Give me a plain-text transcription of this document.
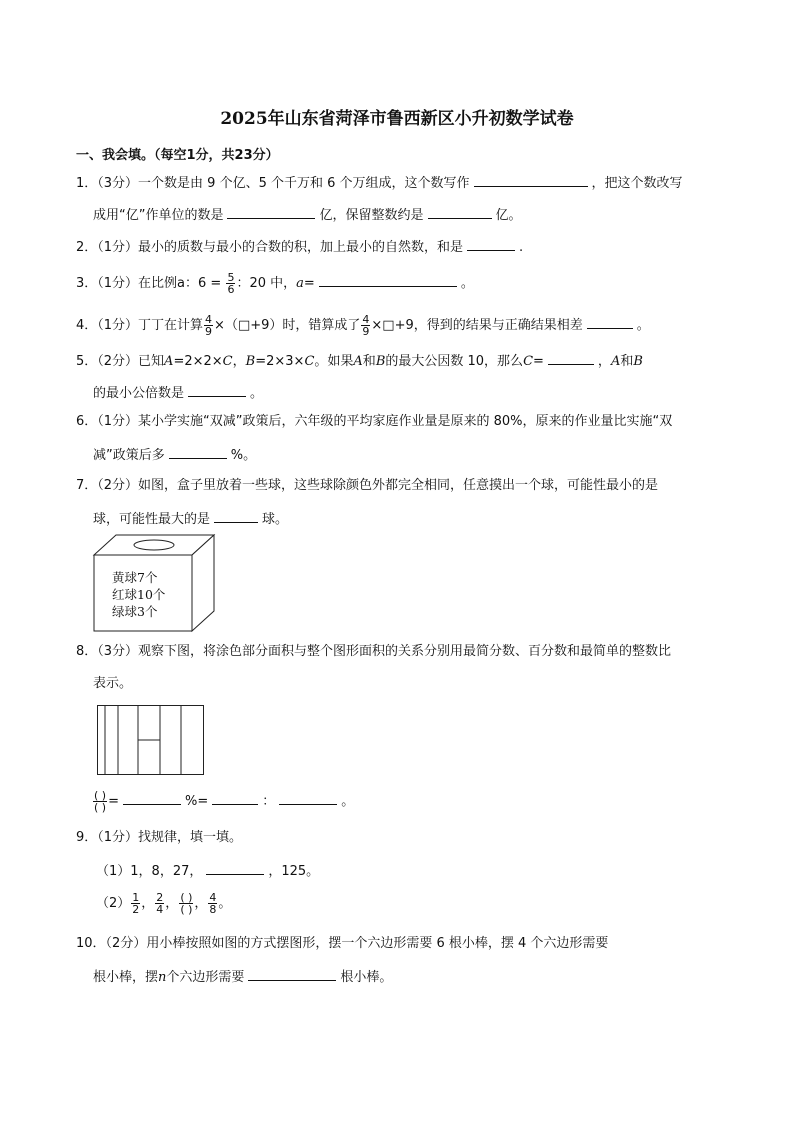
2025年山东省菏泽市鲁西新区小升初数学试卷
一、我会填。（每空1分，共23分）
1．（3分）一个数是由 9 个亿、5 个千万和 6 个万组成，这个数写作	，把这个数改写
成用“亿”作单位的数是	亿，保留整数约是	亿。
2．（1分）最小的质数与最小的合数的积，加上最小的自然数，和是	.
3．（1分）在比例a：$6 = \frac{5}{6}$ ：20 中，a=	。
4．（1分）丁丁在计算 $\frac{4}{9}$ ×（□+9）时，错算成了 $\frac{4}{9}$ ×□+9，得到的结果与正确结果相差	。
5．（2分）已知A=2×2×C，B=2×3×C。如果A和B的最大公因数 10，那么C=	，A和B
的最小公倍数是	。
6．（1分）某小学实施“双减”政策后，六年级的平均家庭作业量是原来的 80%，原来的作业量比实施“双
减”政策后多	%。
7．（2分）如图，盒子里放着一些球，这些球除颜色外都完全相同，任意摸出一个球，可能性最小的是
球，可能性最大的是	球。
黄球7个
红球10个
绿球3个
8．（3分）观察下图，将涂色部分面积与整个图形面积的关系分别用最简分数、百分数和最简单的整数比
表示。
$\frac{( )}{( )}$ =	%=	：	。
9．（1分）找规律，填一填。
（1）1，8，27，	，125。
$(2) \frac{1}{2}$ ， $\frac{2}{4}$ ， $\frac{( )}{( )}$ ， $\frac{4}{8}$ 。
10．（2分）用小棒按照如图的方式摆图形，摆一个六边形需要 6 根小棒，摆 4 个六边形需要
根小棒，摆n个六边形需要	根小棒。
